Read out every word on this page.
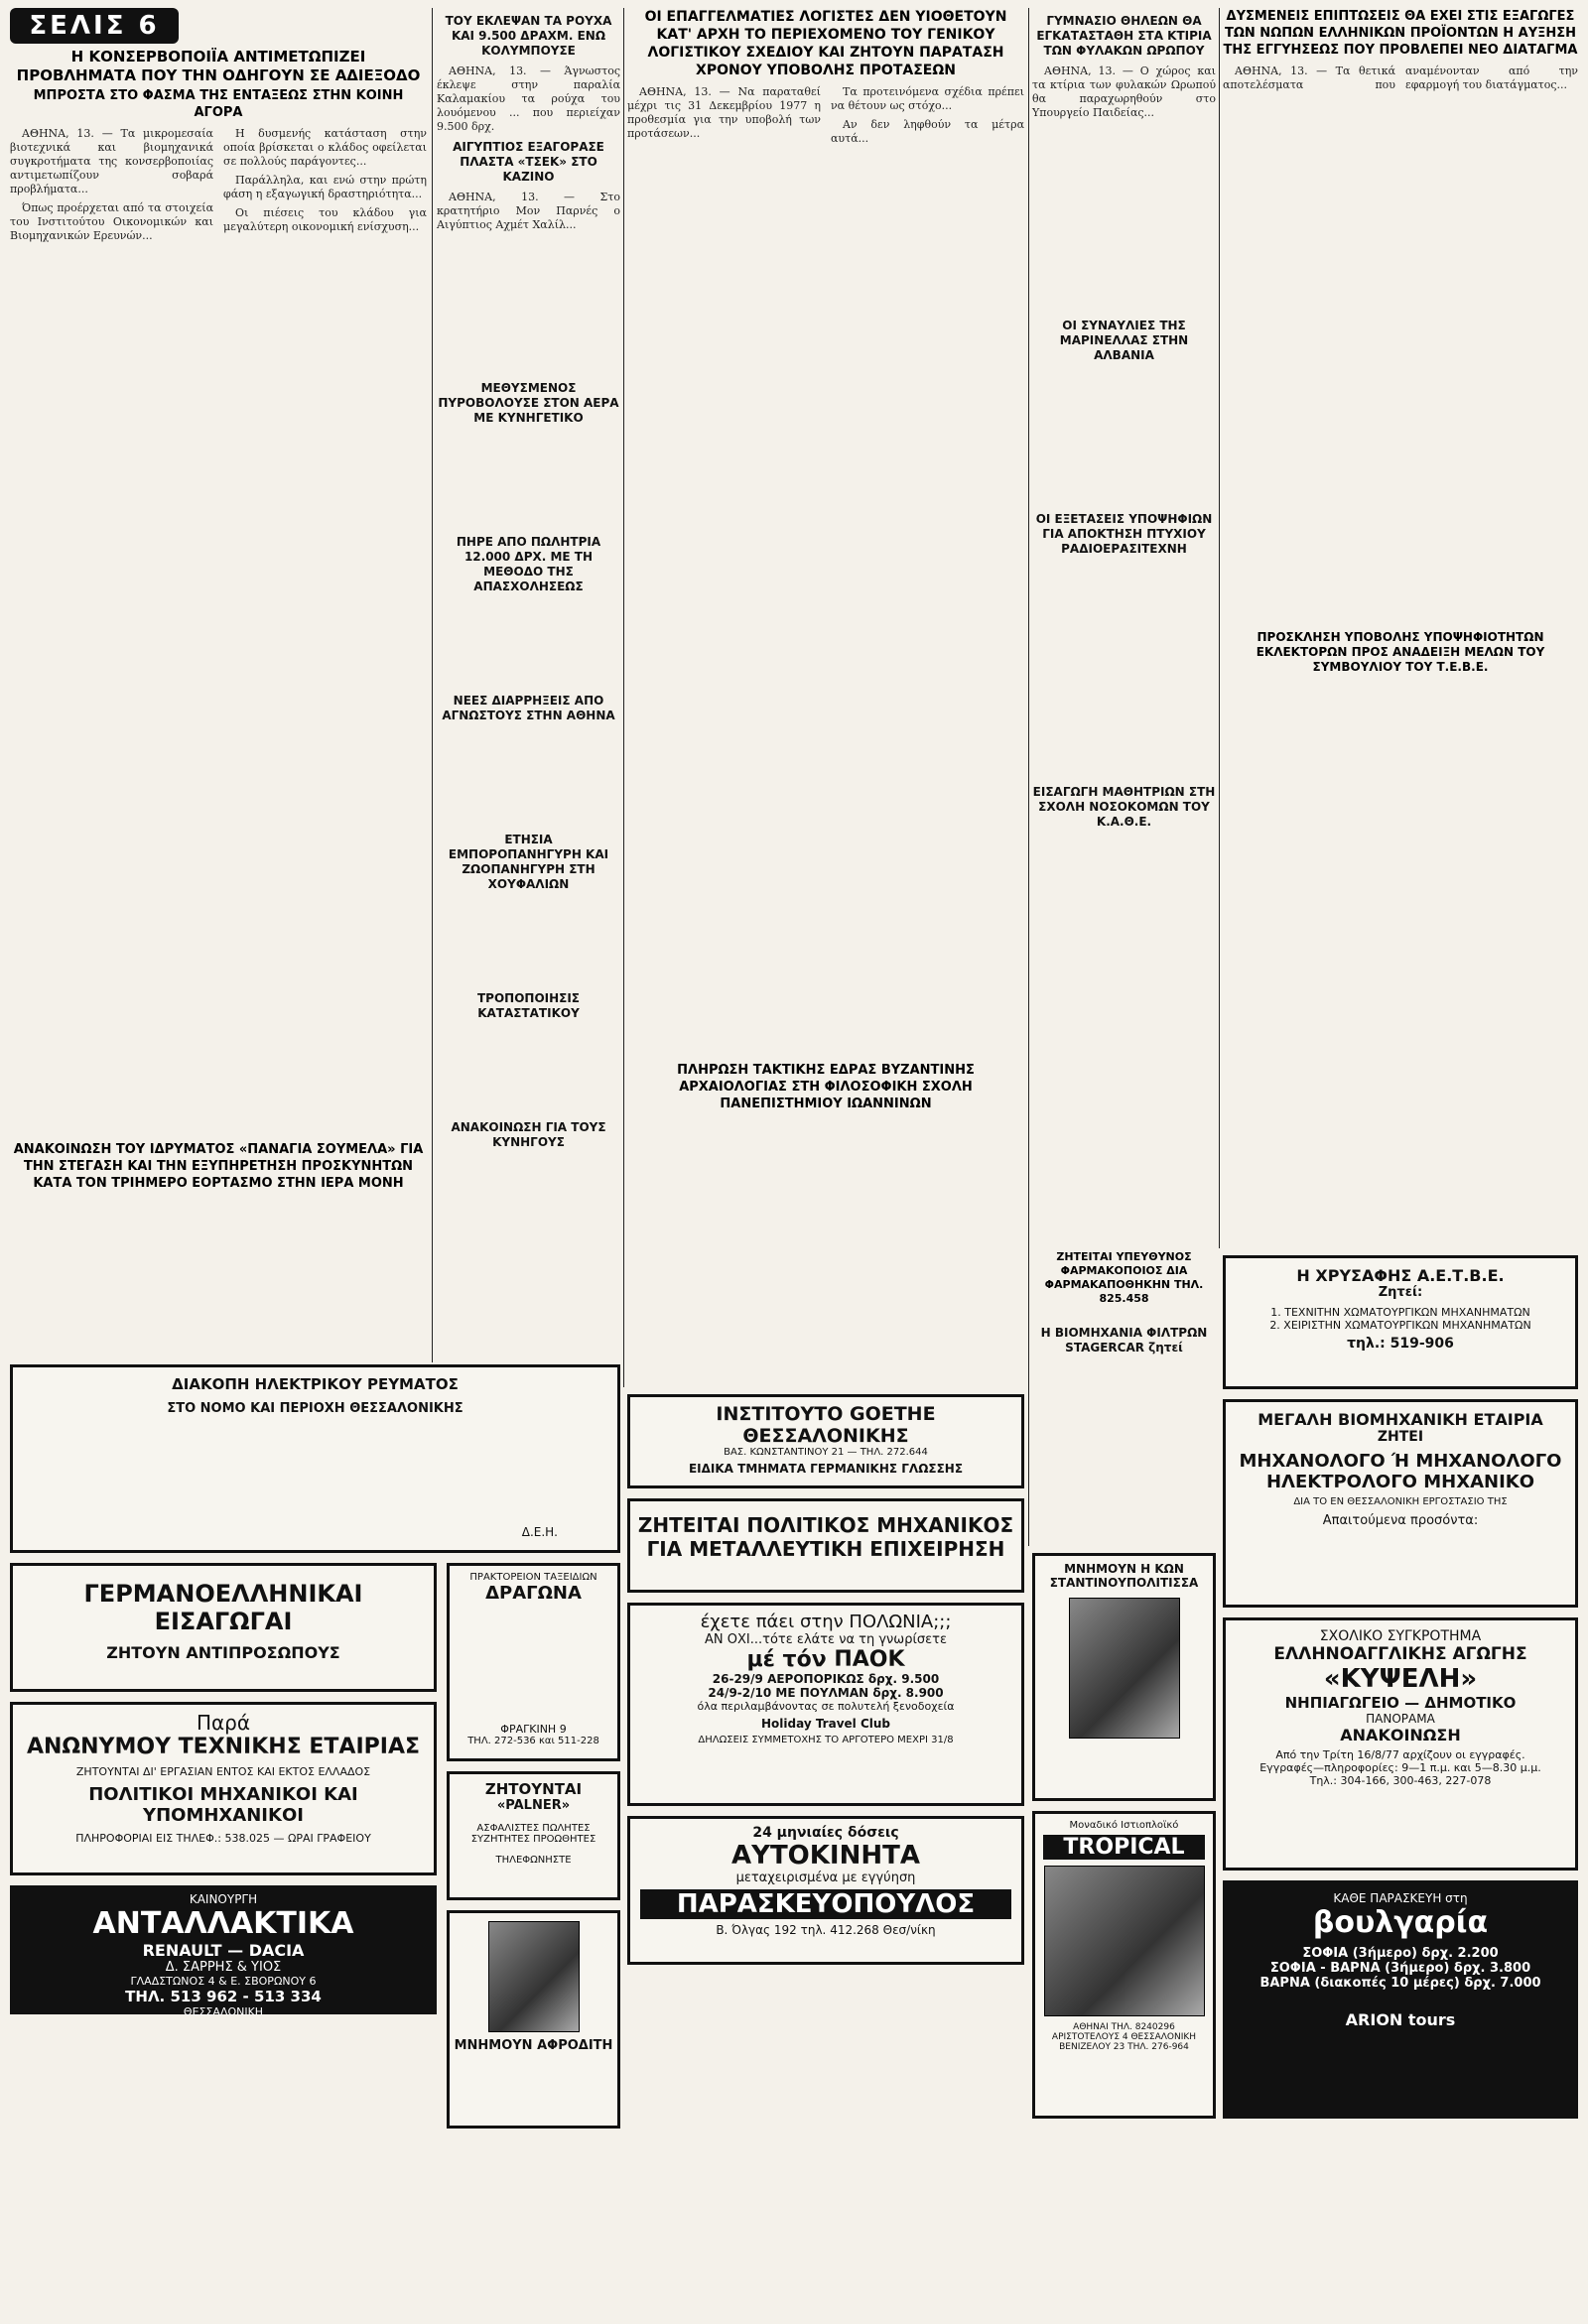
ΣΕΛΙΣ 6
Η ΚΟΝΣΕΡΒΟΠΟΙΪΑ ΑΝΤΙΜΕΤΩΠΙΖΕΙ ΠΡΟΒΛΗΜΑΤΑ ΠΟΥ ΤΗΝ ΟΔΗΓΟΥΝ ΣΕ ΑΔΙΕΞΟΔΟ
ΜΠΡΟΣΤΑ ΣΤΟ ΦΑΣΜΑ ΤΗΣ ΕΝΤΑΞΕΩΣ ΣΤΗΝ ΚΟΙΝΗ ΑΓΟΡΑ

ΑΘΗΝΑ, 13. — Τα μικρομεσαία βιοτεχνικά και βιομηχανικά συγκροτήματα της κονσερβοποιίας αντιμετωπίζουν σοβαρά προβλήματα...

Όπως προέρχεται από τα στοιχεία του Ινστιτούτου Οικονομικών και Βιομηχανικών Ερευνών...

Η δυσμενής κατάσταση στην οποία βρίσκεται ο κλάδος οφείλεται σε πολλούς παράγοντες...

Παράλληλα, και ενώ στην πρώτη φάση η εξαγωγική δραστηριότητα...

Οι πιέσεις του κλάδου για μεγαλύτερη οικονομική ενίσχυση...

ΤΟΥ ΕΚΛΕΨΑΝ ΤΑ ΡΟΥΧΑ ΚΑΙ 9.500 ΔΡΑΧΜ. ΕΝΩ ΚΟΛΥΜΠΟΥΣΕ

ΑΘΗΝΑ, 13. — Άγνωστος έκλεψε στην παραλία Καλαμακίου τα ρούχα του λουόμενου ... που περιείχαν 9.500 δρχ.

ΑΙΓΥΠΤΙΟΣ ΕΞΑΓΟΡΑΣΕ ΠΛΑΣΤΑ «ΤΣΕΚ» ΣΤΟ ΚΑΖΙΝΟ

ΑΘΗΝΑ, 13. — Στο κρατητήριο Μον Παρνές ο Αιγύπτιος Αχμέτ Χαλίλ...

ΜΕΘΥΣΜΕΝΟΣ ΠΥΡΟΒΟΛΟΥΣΕ ΣΤΟΝ ΑΕΡΑ ΜΕ ΚΥΝΗΓΕΤΙΚΟ
ΠΗΡΕ ΑΠΟ ΠΩΛΗΤΡΙΑ 12.000 ΔΡΧ. ΜΕ ΤΗ ΜΕΘΟΔΟ ΤΗΣ ΑΠΑΣΧΟΛΗΣΕΩΣ
ΝΕΕΣ ΔΙΑΡΡΗΞΕΙΣ ΑΠΟ ΑΓΝΩΣΤΟΥΣ ΣΤΗΝ ΑΘΗΝΑ
ΕΤΗΣΙΑ ΕΜΠΟΡΟΠΑΝΗΓΥΡΗ ΚΑΙ ΖΩΟΠΑΝΗΓΥΡΗ ΣΤΗ ΧΟΥΦΑΛΙΩΝ
ΤΡΟΠΟΠΟΙΗΣΙΣ ΚΑΤΑΣΤΑΤΙΚΟΥ
ΑΝΑΚΟΙΝΩΣΗ ΓΙΑ ΤΟΥΣ ΚΥΝΗΓΟΥΣ
ΟΙ ΕΠΑΓΓΕΛΜΑΤΙΕΣ ΛΟΓΙΣΤΕΣ ΔΕΝ ΥΙΟΘΕΤΟΥΝ ΚΑΤ' ΑΡΧΗ ΤΟ ΠΕΡΙΕΧΟΜΕΝΟ ΤΟΥ ΓΕΝΙΚΟΥ ΛΟΓΙΣΤΙΚΟΥ ΣΧΕΔΙΟΥ ΚΑΙ ΖΗΤΟΥΝ ΠΑΡΑΤΑΣΗ ΧΡΟΝΟΥ ΥΠΟΒΟΛΗΣ ΠΡΟΤΑΣΕΩΝ

ΑΘΗΝΑ, 13. — Να παραταθεί μέχρι τις 31 Δεκεμβρίου 1977 η προθεσμία για την υποβολή των προτάσεων...

Τα προτεινόμενα σχέδια πρέπει να θέτουν ως στόχο...

Αν δεν ληφθούν τα μέτρα αυτά...

ΓΥΜΝΑΣΙΟ ΘΗΛΕΩΝ ΘΑ ΕΓΚΑΤΑΣΤΑΘΗ ΣΤΑ ΚΤΙΡΙΑ ΤΩΝ ΦΥΛΑΚΩΝ ΩΡΩΠΟΥ

ΑΘΗΝΑ, 13. — Ο χώρος και τα κτίρια των φυλακών Ωρωπού θα παραχωρηθούν στο Υπουργείο Παιδείας...

ΟΙ ΣΥΝΑΥΛΙΕΣ ΤΗΣ ΜΑΡΙΝΕΛΛΑΣ ΣΤΗΝ ΑΛΒΑΝΙΑ
ΟΙ ΕΞΕΤΑΣΕΙΣ ΥΠΟΨΗΦΙΩΝ ΓΙΑ ΑΠΟΚΤΗΣΗ ΠΤΥΧΙΟΥ ΡΑΔΙΟΕΡΑΣΙΤΕΧΝΗ
ΕΙΣΑΓΩΓΗ ΜΑΘΗΤΡΙΩΝ ΣΤΗ ΣΧΟΛΗ ΝΟΣΟΚΟΜΩΝ ΤΟΥ Κ.Α.Θ.Ε.
ΔΥΣΜΕΝΕΙΣ ΕΠΙΠΤΩΣΕΙΣ ΘΑ ΕΧΕΙ ΣΤΙΣ ΕΞΑΓΩΓΕΣ ΤΩΝ ΝΩΠΩΝ ΕΛΛΗΝΙΚΩΝ ΠΡΟΪΟΝΤΩΝ Η ΑΥΞΗΣΗ ΤΗΣ ΕΓΓΥΗΣΕΩΣ ΠΟΥ ΠΡΟΒΛΕΠΕΙ ΝΕΟ ΔΙΑΤΑΓΜΑ

ΑΘΗΝΑ, 13. — Τα θετικά αποτελέσματα που αναμένονταν από την εφαρμογή του διατάγματος...

ΠΡΟΣΚΛΗΣΗ ΥΠΟΒΟΛΗΣ ΥΠΟΨΗΦΙΟΤΗΤΩΝ ΕΚΛΕΚΤΟΡΩΝ ΠΡΟΣ ΑΝΑΔΕΙΞΗ ΜΕΛΩΝ ΤΟΥ ΣΥΜΒΟΥΛΙΟΥ ΤΟΥ Τ.Ε.Β.Ε.
ΑΝΑΚΟΙΝΩΣΗ ΤΟΥ ΙΔΡΥΜΑΤΟΣ «ΠΑΝΑΓΙΑ ΣΟΥΜΕΛΑ» ΓΙΑ ΤΗΝ ΣΤΕΓΑΣΗ ΚΑΙ ΤΗΝ ΕΞΥΠΗΡΕΤΗΣΗ ΠΡΟΣΚΥΝΗΤΩΝ ΚΑΤΑ ΤΟΝ ΤΡΙΗΜΕΡΟ ΕΟΡΤΑΣΜΟ ΣΤΗΝ ΙΕΡΑ ΜΟΝΗ
ΠΛΗΡΩΣΗ ΤΑΚΤΙΚΗΣ ΕΔΡΑΣ ΒΥΖΑΝΤΙΝΗΣ ΑΡΧΑΙΟΛΟΓΙΑΣ ΣΤΗ ΦΙΛΟΣΟΦΙΚΗ ΣΧΟΛΗ ΠΑΝΕΠΙΣΤΗΜΙΟΥ ΙΩΑΝΝΙΝΩΝ
ΖΗΤΕΙΤΑΙ ΥΠΕΥΘΥΝΟΣ ΦΑΡΜΑΚΟΠΟΙΟΣ ΔΙΑ ΦΑΡΜΑΚΑΠΟΘΗΚΗΝ ΤΗΛ. 825.458
Η ΒΙΟΜΗΧΑΝΙΑ ΦΙΛΤΡΩΝ STAGERCAR ζητεί
ΔΙΑΚΟΠΗ ΗΛΕΚΤΡΙΚΟΥ ΡΕΥΜΑΤΟΣ
ΣΤΟ ΝΟΜΟ ΚΑΙ ΠΕΡΙΟΧΗ ΘΕΣΣΑΛΟΝΙΚΗΣ
Δ.Ε.Η.
ΓΕΡΜΑΝΟΕΛΛΗΝΙΚΑΙ ΕΙΣΑΓΩΓΑΙ
ΖΗΤΟΥΝ ΑΝΤΙΠΡΟΣΩΠΟΥΣ
Παρά
ΑΝΩΝΥΜΟΥ ΤΕΧΝΙΚΗΣ ΕΤΑΙΡΙΑΣ
ΖΗΤΟΥΝΤΑΙ ΔΙ' ΕΡΓΑΣΙΑΝ ΕΝΤΟΣ ΚΑΙ ΕΚΤΟΣ ΕΛΛΑΔΟΣ
ΠΟΛΙΤΙΚΟΙ ΜΗΧΑΝΙΚΟΙ ΚΑΙ ΥΠΟΜΗΧΑΝΙΚΟΙ
ΠΛΗΡΟΦΟΡΙΑΙ ΕΙΣ ΤΗΛΕΦ.: 538.025 — ΩΡΑΙ ΓΡΑΦΕΙΟΥ
ΚΑΙΝΟΥΡΓΗ
ΑΝΤΑΛΛΑΚΤΙΚΑ
RENAULT — DACIA
Δ. ΣΑΡΡΗΣ & ΥΙΟΣ
ΓΛΑΔΣΤΩΝΟΣ 4 & Ε. ΣΒΟΡΩΝΟΥ 6
ΤΗΛ. 513 962 - 513 334
ΘΕΣΣΑΛΟΝΙΚΗ
ΠΡΑΚΤΟΡΕΙΟΝ ΤΑΞΕΙΔΙΩΝ
ΔΡΑΓΩΝΑ
ΦΡΑΓΚΙΝΗ 9
ΤΗΛ. 272-536 και 511-228
ΖΗΤΟΥΝΤΑΙ
«PALNER»
ΑΣΦΑΛΙΣΤΕΣ ΠΩΛΗΤΕΣ ΣΥΖΗΤΗΤΕΣ ΠΡΟΩΘΗΤΕΣ
ΤΗΛΕΦΩΝΗΣΤΕ
ΜΝΗΜΟΥΝ ΑΦΡΟΔΙΤΗ
ΙΝΣΤΙΤΟΥΤΟ GOETHE ΘΕΣΣΑΛΟΝΙΚΗΣ
ΒΑΣ. ΚΩΝΣΤΑΝΤΙΝΟΥ 21 — ΤΗΛ. 272.644
ΕΙΔΙΚΑ ΤΜΗΜΑΤΑ ΓΕΡΜΑΝΙΚΗΣ ΓΛΩΣΣΗΣ
ΖΗΤΕΙΤΑΙ ΠΟΛΙΤΙΚΟΣ ΜΗΧΑΝΙΚΟΣ
ΓΙΑ ΜΕΤΑΛΛΕΥΤΙΚΗ ΕΠΙΧΕΙΡΗΣΗ
έχετε πάει στην ΠΟΛΩΝΙΑ;;;
ΑΝ ΟΧΙ...τότε ελάτε να τη γνωρίσετε
μέ τόν ΠΑΟΚ
26-29/9 ΑΕΡΟΠΟΡΙΚΩΣ δρχ. 9.500
24/9-2/10 ΜΕ ΠΟΥΛΜΑΝ δρχ. 8.900
όλα περιλαμβάνοντας σε πολυτελή ξενοδοχεία
Holiday Travel Club
ΔΗΛΩΣΕΙΣ ΣΥΜΜΕΤΟΧΗΣ ΤΟ ΑΡΓΟΤΕΡΟ ΜΕΧΡΙ 31/8
24 μηνιαίες δόσεις
ΑΥΤΟΚΙΝΗΤΑ
μεταχειρισμένα με εγγύηση
ΠΑΡΑΣΚΕΥΟΠΟΥΛΟΣ
Β. Όλγας 192 τηλ. 412.268 Θεσ/νίκη
ΜΝΗΜΟΥΝ Η ΚΩΝ ΣΤΑΝΤΙΝΟΥΠΟΛΙΤΙΣΣΑ
Μοναδικό Ιστιοπλοϊκό
TROPICAL
ΑΘΗΝΑΙ ΤΗΛ. 8240296 ΑΡΙΣΤΟΤΕΛΟΥΣ 4 ΘΕΣΣΑΛΟΝΙΚΗ ΒΕΝΙΖΕΛΟΥ 23 ΤΗΛ. 276-964
Η ΧΡΥΣΑΦΗΣ Α.Ε.Τ.Β.Ε.
Ζητεί:
1. ΤΕΧΝΙΤΗΝ ΧΩΜΑΤΟΥΡΓΙΚΩΝ ΜΗΧΑΝΗΜΑΤΩΝ
2. ΧΕΙΡΙΣΤΗΝ ΧΩΜΑΤΟΥΡΓΙΚΩΝ ΜΗΧΑΝΗΜΑΤΩΝ
τηλ.: 519-906
ΜΕΓΑΛΗ ΒΙΟΜΗΧΑΝΙΚΗ ΕΤΑΙΡΙΑ
ΖΗΤΕΙ
ΜΗΧΑΝΟΛΟΓΟ Ή ΜΗΧΑΝΟΛΟΓΟ
ΗΛΕΚΤΡΟΛΟΓΟ ΜΗΧΑΝΙΚΟ
ΔΙΑ ΤΟ ΕΝ ΘΕΣΣΑΛΟΝΙΚΗ ΕΡΓΟΣΤΑΣΙΟ ΤΗΣ
Απαιτούμενα προσόντα:
ΣΧΟΛΙΚΟ ΣΥΓΚΡΟΤΗΜΑ
ΕΛΛΗΝΟΑΓΓΛΙΚΗΣ ΑΓΩΓΗΣ
«ΚΥΨΕΛΗ»
ΝΗΠΙΑΓΩΓΕΙΟ — ΔΗΜΟΤΙΚΟ
ΠΑΝΟΡΑΜΑ
ΑΝΑΚΟΙΝΩΣΗ
Από την Τρίτη 16/8/77 αρχίζουν οι εγγραφές.
Εγγραφές—πληροφορίες: 9—1 π.μ. και 5—8.30 μ.μ.
Τηλ.: 304-166, 300-463, 227-078
ΚΑΘΕ ΠΑΡΑΣΚΕΥΗ στη
βουλγαρία
ΣΟΦΙΑ (3ήμερο) δρχ. 2.200
ΣΟΦΙΑ - ΒΑΡΝΑ (3ήμερο) δρχ. 3.800
ΒΑΡΝΑ (διακοπές 10 μέρες) δρχ. 7.000
ΑRION tours
